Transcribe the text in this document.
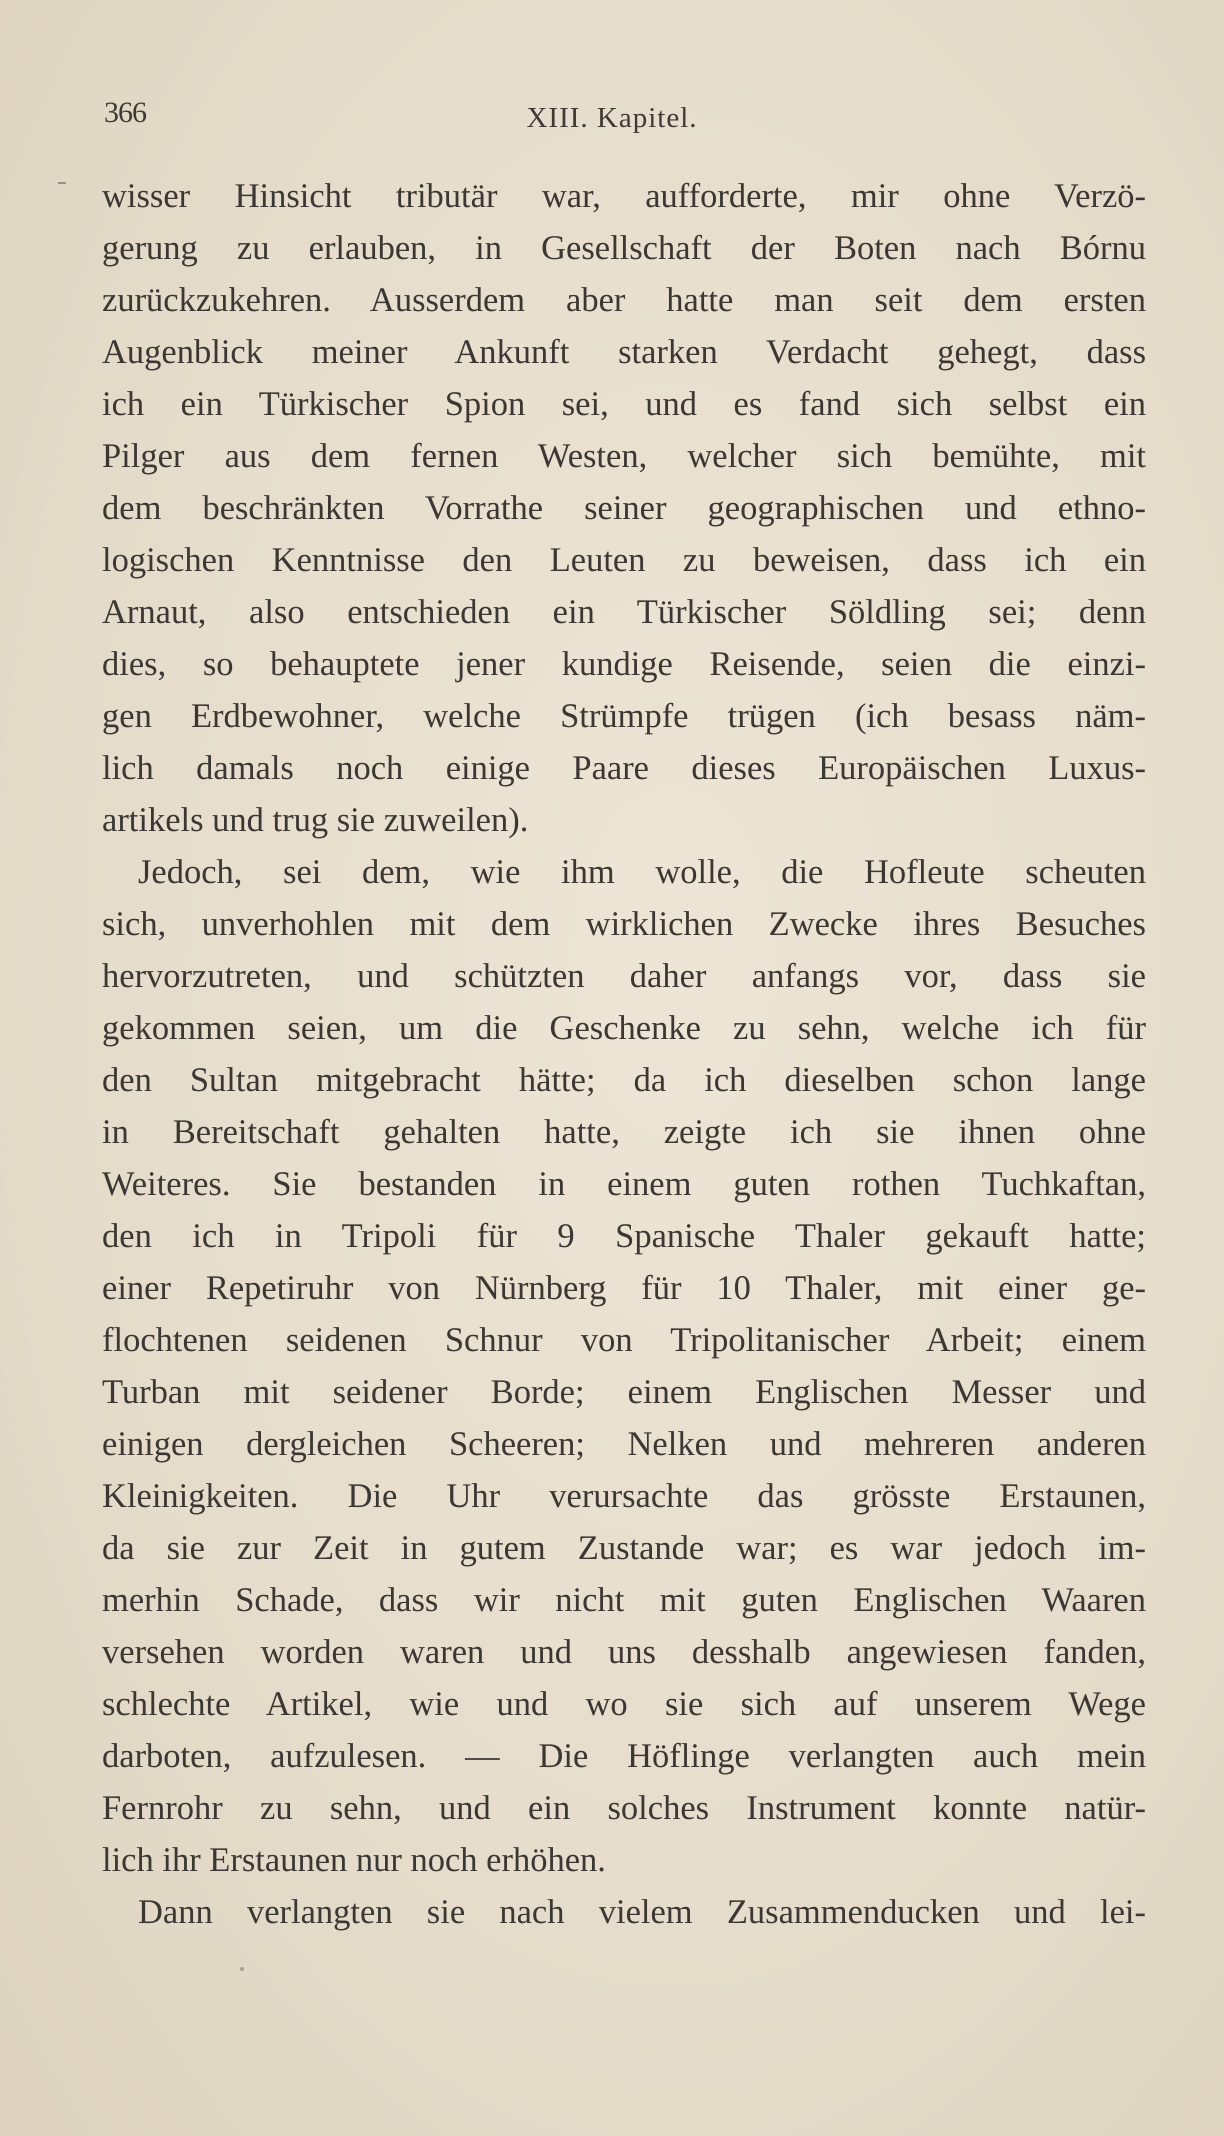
366	XIII. Kapitel.
wisser Hinsicht tributär war, aufforderte, mir ohne Verzö-
gerung zu erlauben, in Gesellschaft der Boten nach Bórnu
zurückzukehren. Ausserdem aber hatte man seit dem ersten
Augenblick meiner Ankunft starken Verdacht gehegt, dass
ich ein Türkischer Spion sei, und es fand sich selbst ein
Pilger aus dem fernen Westen, welcher sich bemühte, mit
dem beschränkten Vorrathe seiner geographischen und ethno-
logischen Kenntnisse den Leuten zu beweisen, dass ich ein
Arnaut, also entschieden ein Türkischer Söldling sei; denn
dies, so behauptete jener kundige Reisende, seien die einzi-
gen Erdbewohner, welche Strümpfe trügen (ich besass näm-
lich damals noch einige Paare dieses Europäischen Luxus-
artikels und trug sie zuweilen).
Jedoch, sei dem, wie ihm wolle, die Hofleute scheuten
sich, unverhohlen mit dem wirklichen Zwecke ihres Besuches
hervorzutreten, und schützten daher anfangs vor, dass sie
gekommen seien, um die Geschenke zu sehn, welche ich für
den Sultan mitgebracht hätte; da ich dieselben schon lange
in Bereitschaft gehalten hatte, zeigte ich sie ihnen ohne
Weiteres. Sie bestanden in einem guten rothen Tuchkaftan,
den ich in Tripoli für 9 Spanische Thaler gekauft hatte;
einer Repetiruhr von Nürnberg für 10 Thaler, mit einer ge-
flochtenen seidenen Schnur von Tripolitanischer Arbeit; einem
Turban mit seidener Borde; einem Englischen Messer und
einigen dergleichen Scheeren; Nelken und mehreren anderen
Kleinigkeiten. Die Uhr verursachte das grösste Erstaunen,
da sie zur Zeit in gutem Zustande war; es war jedoch im-
merhin Schade, dass wir nicht mit guten Englischen Waaren
versehen worden waren und uns desshalb angewiesen fanden,
schlechte Artikel, wie und wo sie sich auf unserem Wege
darboten, aufzulesen. — Die Höflinge verlangten auch mein
Fernrohr zu sehn, und ein solches Instrument konnte natür-
lich ihr Erstaunen nur noch erhöhen.
Dann verlangten sie nach vielem Zusammenducken und lei-
